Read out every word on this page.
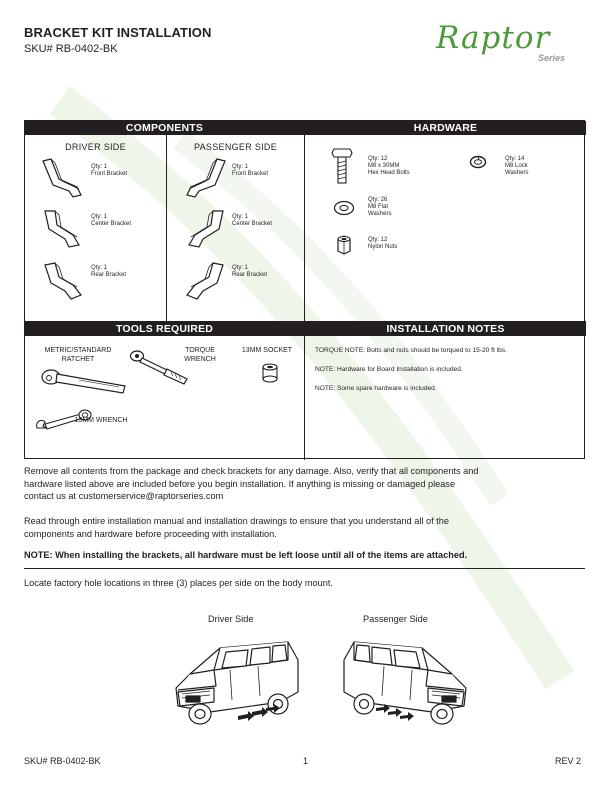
BRACKET KIT INSTALLATION
SKU# RB-0402-BK	Raptor
Series
COMPONENTS	HARDWARE
TOOLS REQUIRED	INSTALLATION NOTES
DRIVER SIDE
Qty: 1
Front Bracket
Qty: 1
Center Bracket
Qty: 1
Rear Bracket
PASSENGER SIDE
Qty: 1
Front Bracket
Qty: 1
Center Bracket
Qty: 1
Rear Bracket
Qty: 12
M8 x 30MM
Hex Head Bolts
Qty: 14
M8 Lock
Washers
Qty: 26
M8 Flat
Washers
Qty: 12
Nylon Nuts
METRIC/STANDARD
RATCHET
TORQUE
WRENCH
13MM SOCKET
13MM WRENCH
TORQUE NOTE: Bolts and nuts should be torqued to 15-20 ft lbs.
NOTE: Hardware for Board Installation is included.
NOTE: Some spare hardware is included.
Remove all contents from the package and check brackets for any damage. Also, verify that all components and
hardware listed above are included before you begin installation. If anything is missing or damaged please
contact us at customerservice@raptorseries.com
Read through entire installation manual and installation drawings to ensure that you understand all of the
components and hardware before proceeding with installation.
NOTE: When installing the brackets, all hardware must be left loose until all of the items are attached.
Locate factory hole locations in three (3) places per side on the body mount.
Driver Side	Passenger Side
SKU# RB-0402-BK	1	REV 2
